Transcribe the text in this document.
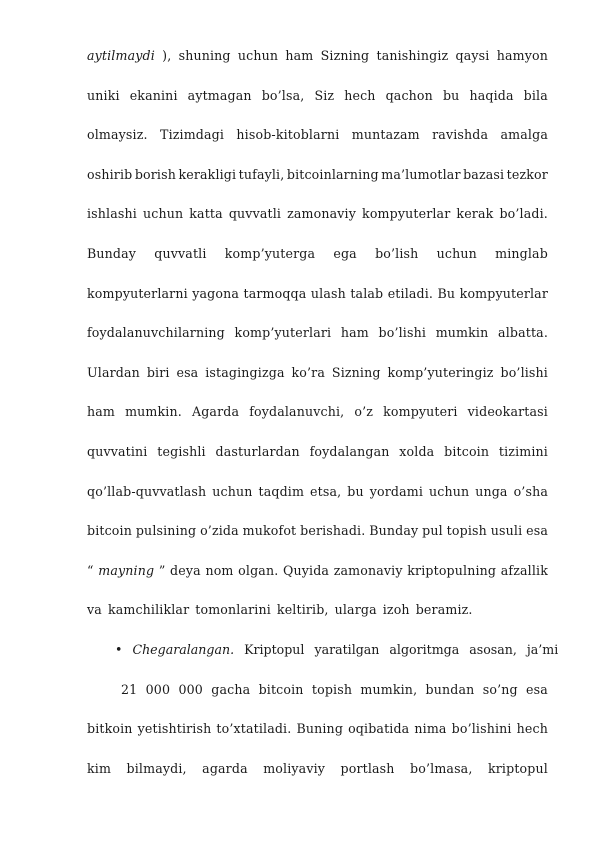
aytilmaydi ), shuning uchun ham Sizning tanishingiz qaysi hamyon
uniki ekanini aytmagan bo’lsa, Siz hech qachon bu haqida bila
olmaysiz. Tizimdagi hisob-kitoblarni muntazam ravishda amalga
oshirib borish kerakligi tufayli, bitcoinlarning ma’lumotlar bazasi tezkor
ishlashi uchun katta quvvatli zamonaviy kompyuterlar kerak bo’ladi.
Bunday quvvatli komp’yuterga ega bo’lish uchun minglab
kompyuterlarni yagona tarmoqqa ulash talab etiladi. Bu kompyuterlar
foydalanuvchilarning komp’yuterlari ham bo’lishi mumkin albatta.
Ulardan biri esa istagingizga ko’ra Sizning komp’yuteringiz bo’lishi
ham mumkin. Agarda foydalanuvchi, o’z kompyuteri videokartasi
quvvatini tegishli dasturlardan foydalangan xolda bitcoin tizimini
qo’llab-quvvatlash uchun taqdim etsa, bu yordami uchun unga o’sha
bitcoin pulsining o’zida mukofot berishadi. Bunday pul topish usuli esa
“ mayning ” deya nom olgan. Quyida zamonaviy kriptopulning afzallik
va kamchiliklar tomonlarini keltirib, ularga izoh beramiz.
• Chegaralangan. Kriptopul yaratilgan algoritmga asosan, ja’mi
21 000 000 gacha bitcoin topish mumkin, bundan so’ng esa
bitkoin yetishtirish to’xtatiladi. Buning oqibatida nima bo’lishini hech
kim bilmaydi, agarda moliyaviy portlash bo’lmasa, kriptopul
